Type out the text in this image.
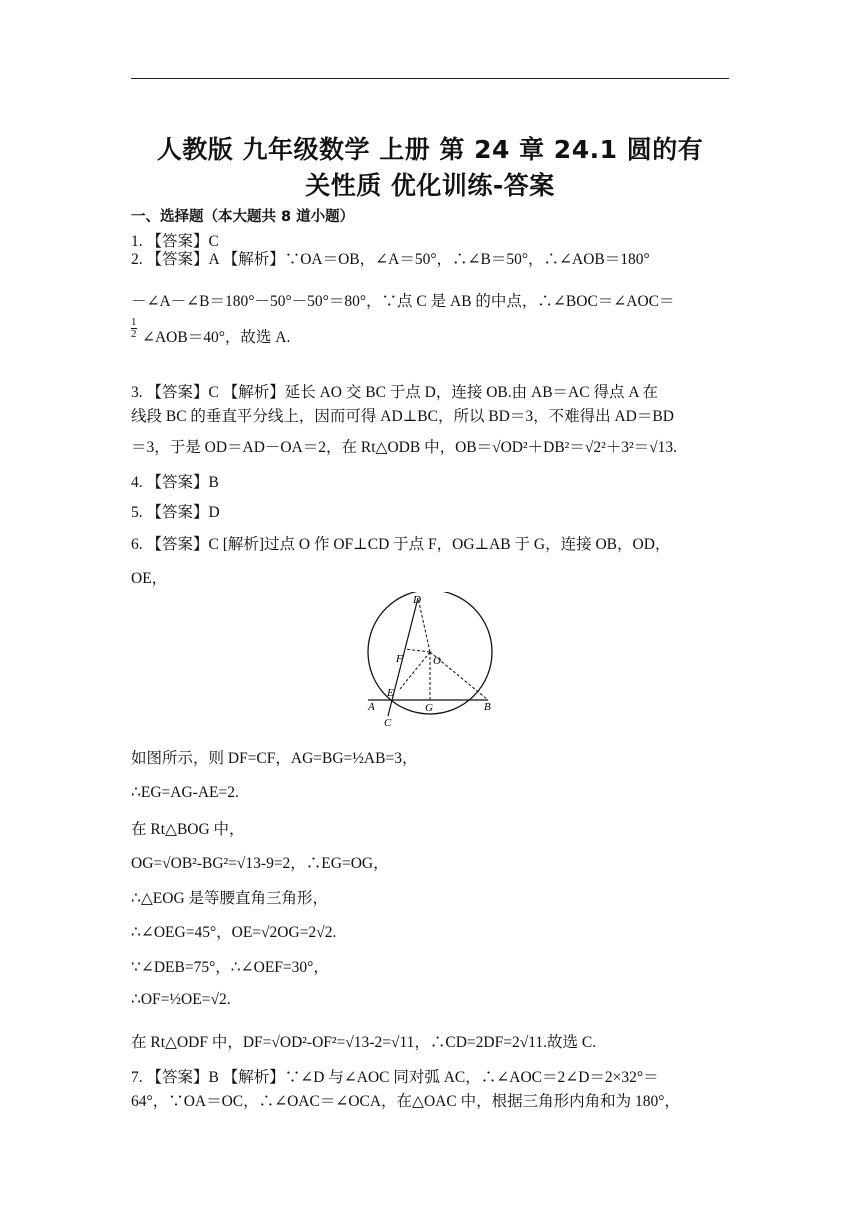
人教版 九年级数学 上册 第 24 章 24.1 圆的有
关性质 优化训练-答案
一、选择题（本大题共 8 道小题）
1. 【答案】C
2. 【答案】A 【解析】∵OA＝OB，∠A＝50°，∴∠B＝50°，∴∠AOB＝180°
－∠A－∠B＝180°－50°－50°＝80°，∵点 C 是 AB 的中点，∴∠BOC＝∠AOC＝
$\frac{1}{2}$ ∠AOB＝40°，故选 A.
3. 【答案】C 【解析】延长 AO 交 BC 于点 D，连接 OB.由 AB＝AC 得点 A 在
线段 BC 的垂直平分线上，因而可得 AD⊥BC，所以 BD＝3，不难得出 AD＝BD
＝3，于是 OD＝AD－OA＝2，在 Rt△ODB 中，OB＝√OD²＋DB²＝√2²＋3²＝√13.
4. 【答案】B
5. 【答案】D
6. 【答案】C [解析]过点 O 作 OF⊥CD 于点 F，OG⊥AB 于 G，连接 OB，OD，
OE，
D
O
F
E
A	G	B
C
如图所示，则 DF=CF，AG=BG=½AB=3，
∴EG=AG-AE=2.
在 Rt△BOG 中，
OG=√OB²-BG²=√13-9=2，∴EG=OG，
∴△EOG 是等腰直角三角形，
∴∠OEG=45°，OE=√2OG=2√2.
∵∠DEB=75°，∴∠OEF=30°，
∴OF=½OE=√2.
在 Rt△ODF 中，DF=√OD²-OF²=√13-2=√11，∴CD=2DF=2√11.故选 C.
7. 【答案】B 【解析】∵∠D 与∠AOC 同对弧 AC，∴∠AOC＝2∠D＝2×32°＝
64°，∵OA＝OC，∴∠OAC＝∠OCA，在△OAC 中，根据三角形内角和为 180°，
